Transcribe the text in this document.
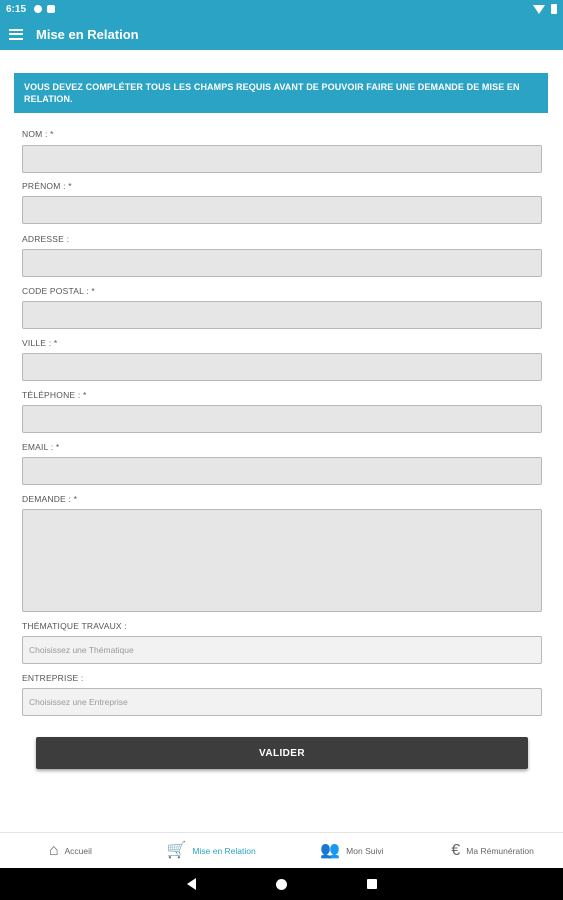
6:15
Mise en Relation
VOUS DEVEZ COMPLÉTER TOUS LES CHAMPS REQUIS AVANT DE POUVOIR FAIRE UNE DEMANDE DE MISE EN RELATION.
NOM : *
PRÉNOM : *
ADRESSE :
CODE POSTAL : *
VILLE : *
TÉLÉPHONE : *
EMAIL : *
DEMANDE : *
THÉMATIQUE TRAVAUX :
Choisissez une Thématique
ENTREPRISE :
Choisissez une Entreprise
VALIDER
⌂ Accueil	🛒 Mise en Relation	👥 Mon Suivi	€ Ma Rémunération
